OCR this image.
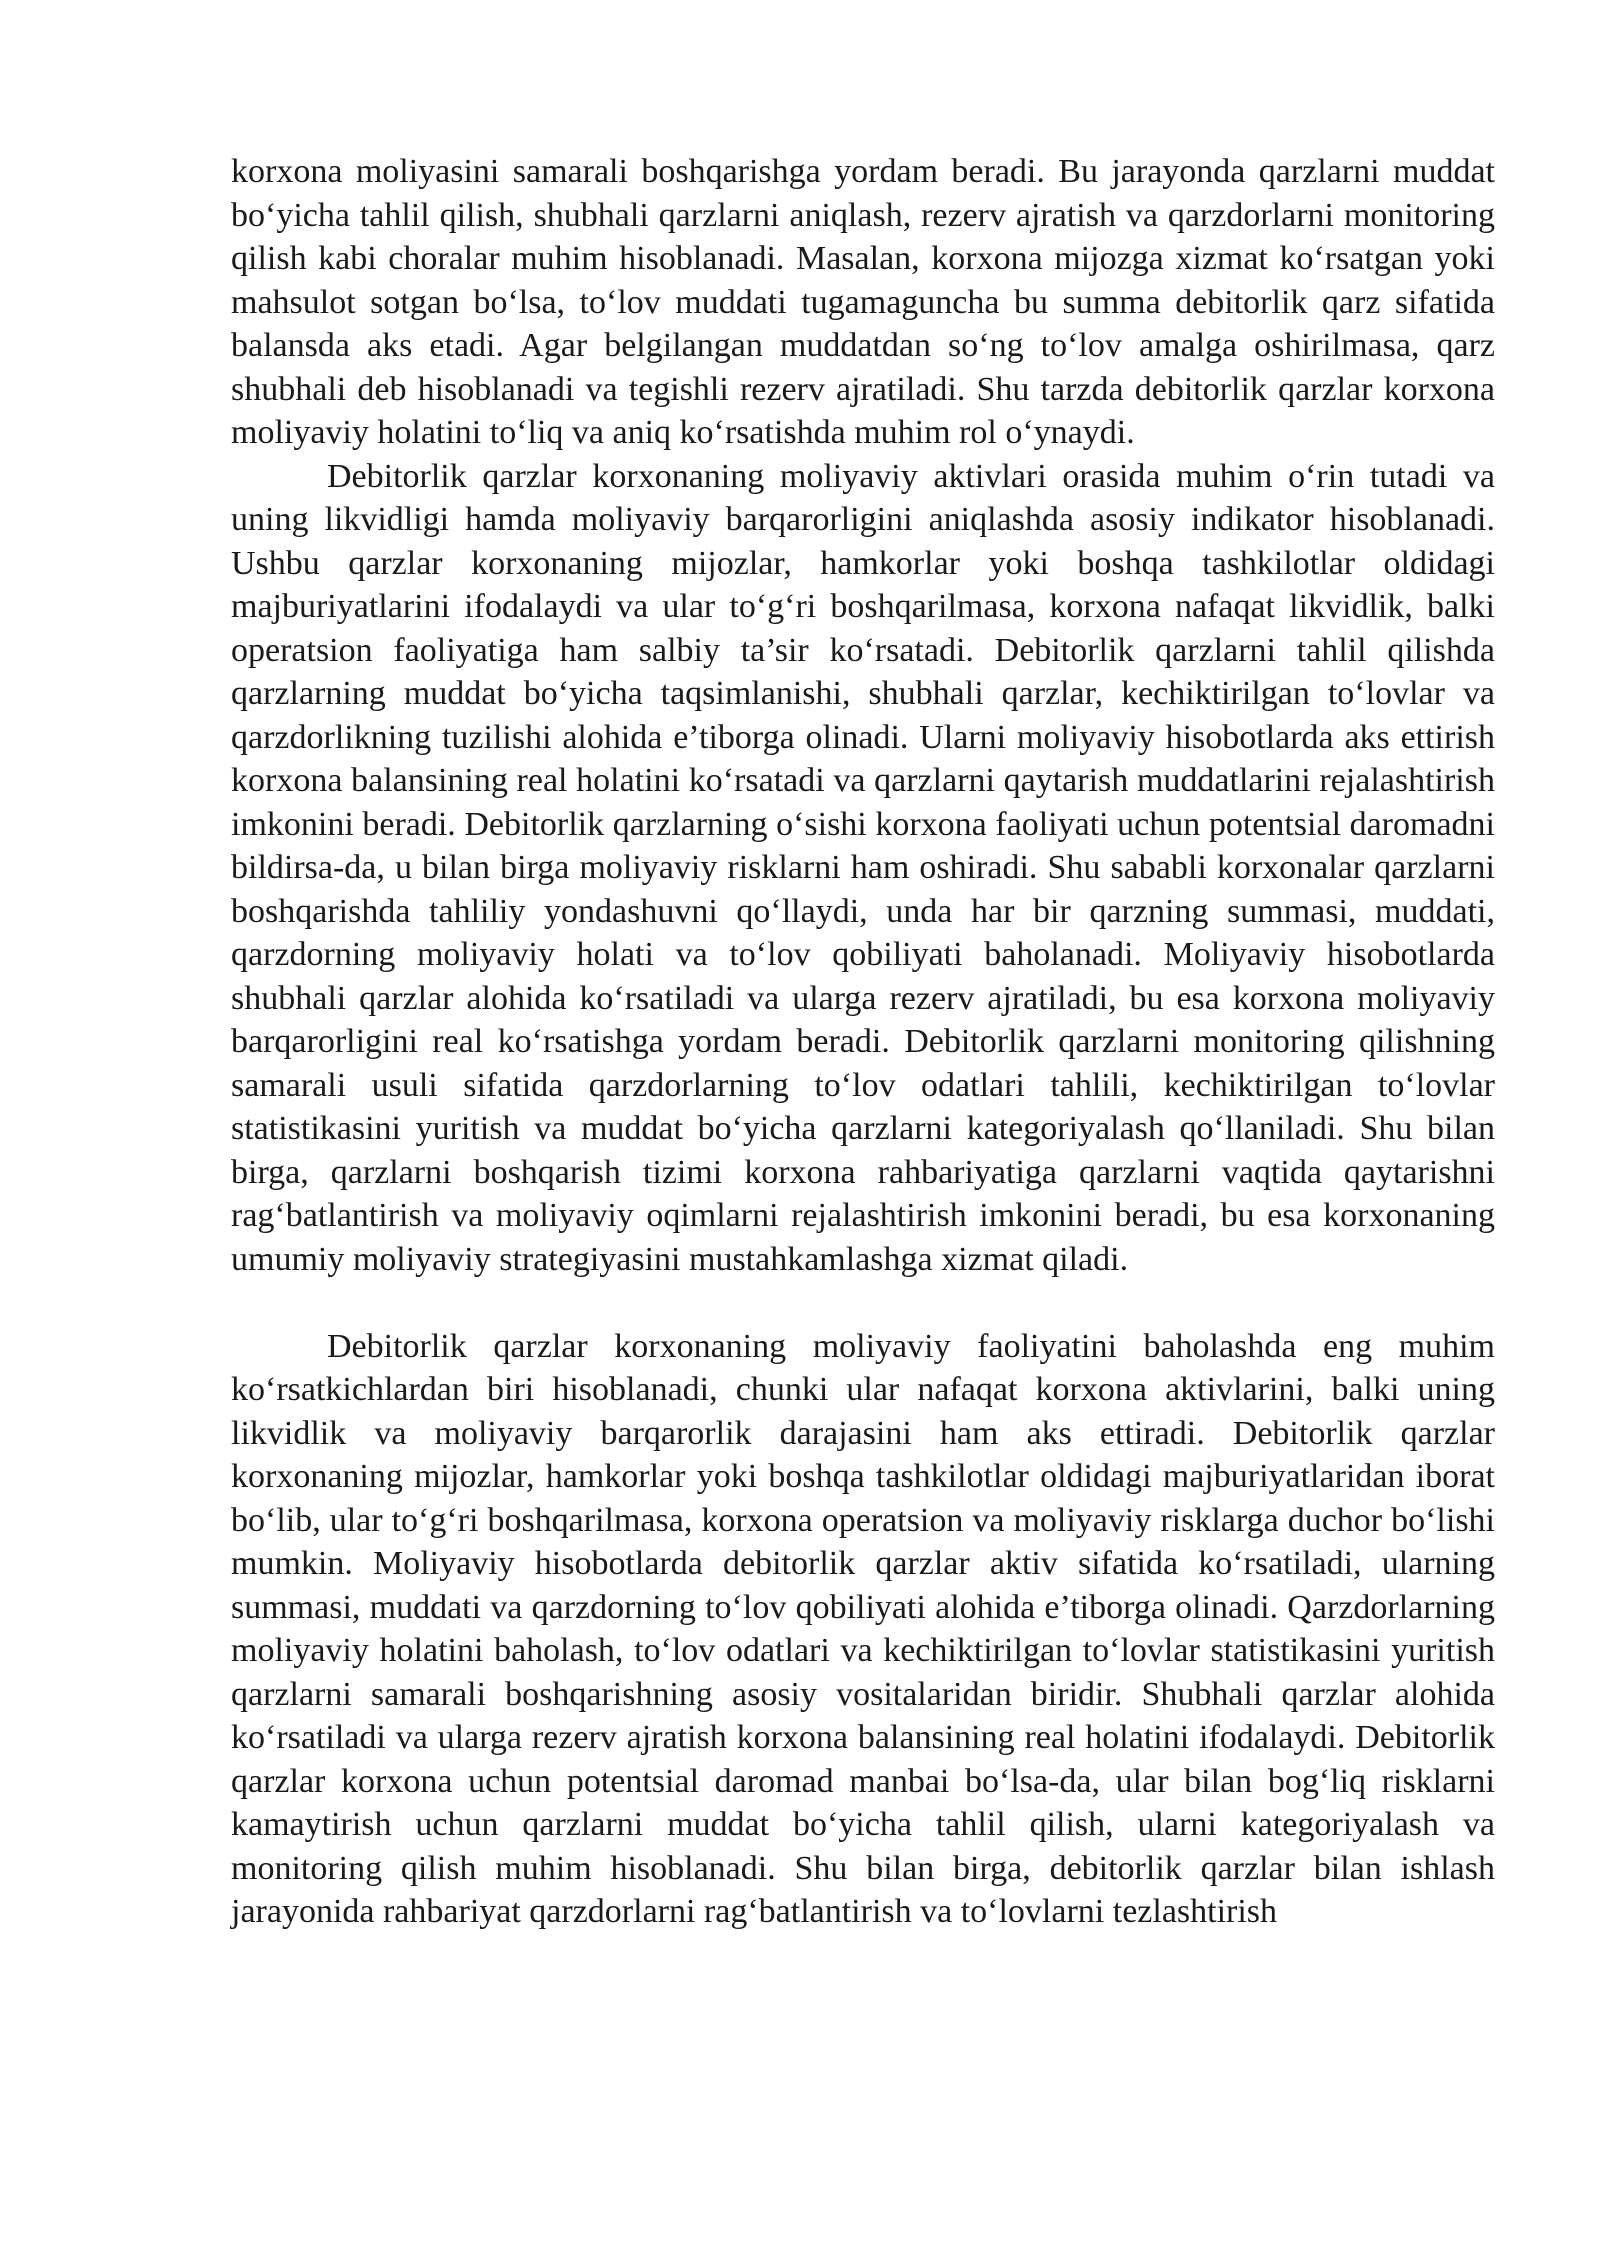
korxona moliyasini samarali boshqarishga yordam beradi. Bu jarayonda qarzlarni muddat bo‘yicha tahlil qilish, shubhali qarzlarni aniqlash, rezerv ajratish va qarzdorlarni monitoring qilish kabi choralar muhim hisoblanadi. Masalan, korxona mijozga xizmat ko‘rsatgan yoki mahsulot sotgan bo‘lsa, to‘lov muddati tugamaguncha bu summa debitorlik qarz sifatida balansda aks etadi. Agar belgilangan muddatdan so‘ng to‘lov amalga oshirilmasa, qarz shubhali deb hisoblanadi va tegishli rezerv ajratiladi. Shu tarzda debitorlik qarzlar korxona moliyaviy holatini to‘liq va aniq ko‘rsatishda muhim rol o‘ynaydi.

Debitorlik qarzlar korxonaning moliyaviy aktivlari orasida muhim o‘rin tutadi va uning likvidligi hamda moliyaviy barqarorligini aniqlashda asosiy indikator hisoblanadi. Ushbu qarzlar korxonaning mijozlar, hamkorlar yoki boshqa tashkilotlar oldidagi majburiyatlarini ifodalaydi va ular to‘g‘ri boshqarilmasa, korxona nafaqat likvidlik, balki operatsion faoliyatiga ham salbiy ta’sir ko‘rsatadi. Debitorlik qarzlarni tahlil qilishda qarzlarning muddat bo‘yicha taqsimlanishi, shubhali qarzlar, kechiktirilgan to‘lovlar va qarzdorlikning tuzilishi alohida e’tiborga olinadi. Ularni moliyaviy hisobotlarda aks ettirish korxona balansining real holatini ko‘rsatadi va qarzlarni qaytarish muddatlarini rejalashtirish imkonini beradi. Debitorlik qarzlarning o‘sishi korxona faoliyati uchun potentsial daromadni bildirsa-da, u bilan birga moliyaviy risklarni ham oshiradi. Shu sababli korxonalar qarzlarni boshqarishda tahliliy yondashuvni qo‘llaydi, unda har bir qarzning summasi, muddati, qarzdorning moliyaviy holati va to‘lov qobiliyati baholanadi. Moliyaviy hisobotlarda shubhali qarzlar alohida ko‘rsatiladi va ularga rezerv ajratiladi, bu esa korxona moliyaviy barqarorligini real ko‘rsatishga yordam beradi. Debitorlik qarzlarni monitoring qilishning samarali usuli sifatida qarzdorlarning to‘lov odatlari tahlili, kechiktirilgan to‘lovlar statistikasini yuritish va muddat bo‘yicha qarzlarni kategoriyalash qo‘llaniladi. Shu bilan birga, qarzlarni boshqarish tizimi korxona rahbariyatiga qarzlarni vaqtida qaytarishni rag‘batlantirish va moliyaviy oqimlarni rejalashtirish imkonini beradi, bu esa korxonaning umumiy moliyaviy strategiyasini mustahkamlashga xizmat qiladi.

Debitorlik qarzlar korxonaning moliyaviy faoliyatini baholashda eng muhim ko‘rsatkichlardan biri hisoblanadi, chunki ular nafaqat korxona aktivlarini, balki uning likvidlik va moliyaviy barqarorlik darajasini ham aks ettiradi. Debitorlik qarzlar korxonaning mijozlar, hamkorlar yoki boshqa tashkilotlar oldidagi majburiyatlaridan iborat bo‘lib, ular to‘g‘ri boshqarilmasa, korxona operatsion va moliyaviy risklarga duchor bo‘lishi mumkin. Moliyaviy hisobotlarda debitorlik qarzlar aktiv sifatida ko‘rsatiladi, ularning summasi, muddati va qarzdorning to‘lov qobiliyati alohida e’tiborga olinadi. Qarzdorlarning moliyaviy holatini baholash, to‘lov odatlari va kechiktirilgan to‘lovlar statistikasini yuritish qarzlarni samarali boshqarishning asosiy vositalaridan biridir. Shubhali qarzlar alohida ko‘rsatiladi va ularga rezerv ajratish korxona balansining real holatini ifodalaydi. Debitorlik qarzlar korxona uchun potentsial daromad manbai bo‘lsa-da, ular bilan bog‘liq risklarni kamaytirish uchun qarzlarni muddat bo‘yicha tahlil qilish, ularni kategoriyalash va monitoring qilish muhim hisoblanadi. Shu bilan birga, debitorlik qarzlar bilan ishlash jarayonida rahbariyat qarzdorlarni rag‘batlantirish va to‘lovlarni tezlashtirish
